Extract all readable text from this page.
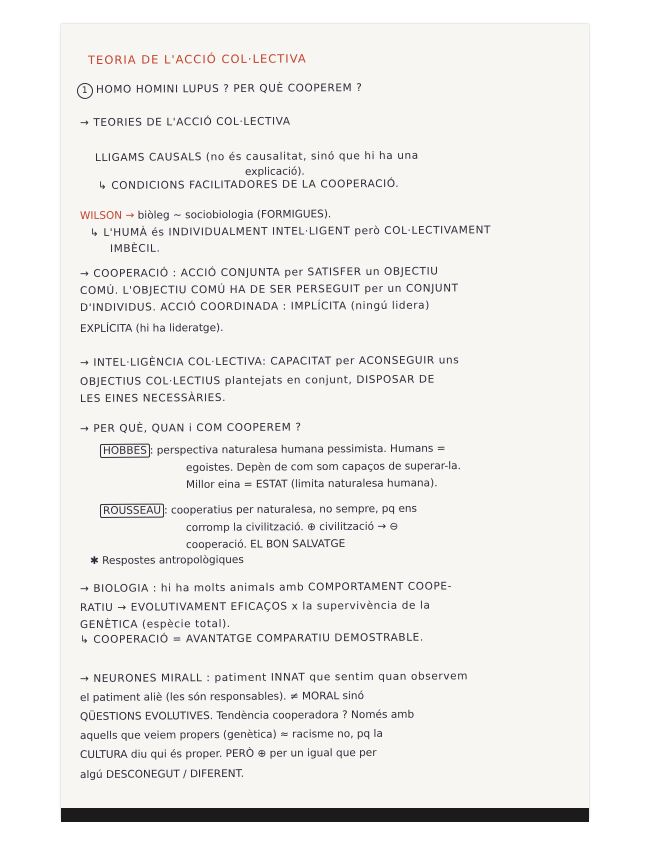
TEORIA DE L'ACCIÓ COL·LECTIVA
1 HOMO HOMINI LUPUS ? PER QUÈ COOPEREM ?
→ TEORIES DE L'ACCIÓ COL·LECTIVA
LLIGAMS CAUSALS (no és causalitat, sinó que hi ha una
explicació).
↳ CONDICIONS FACILITADORES DE LA COOPERACIÓ.
WILSON → biòleg ~ sociobiologia (FORMIGUES).
↳ L'HUMÀ és INDIVIDUALMENT INTEL·LIGENT però COL·LECTIVAMENT
IMBÈCIL.
→ COOPERACIÓ : ACCIÓ CONJUNTA per SATISFER un OBJECTIU
COMÚ. L'OBJECTIU COMÚ HA DE SER PERSEGUIT per un CONJUNT
D'INDIVIDUS. ACCIÓ COORDINADA : IMPLÍCITA (ningú lidera)
EXPLÍCITA (hi ha lideratge).
→ INTEL·LIGÈNCIA COL·LECTIVA: CAPACITAT per ACONSEGUIR uns
OBJECTIUS COL·LECTIUS plantejats en conjunt, DISPOSAR DE
LES EINES NECESSÀRIES.
→ PER QUÈ, QUAN i COM COOPEREM ?
HOBBES : perspectiva naturalesa humana pessimista. Humans =
egoistes. Depèn de com som capaços de superar-la.
Millor eina = ESTAT (limita naturalesa humana).
ROUSSEAU : cooperatius per naturalesa, no sempre, pq ens
corromp la civilització. ⊕ civilització → ⊖
cooperació. EL BON SALVATGE
✱ Respostes antropològiques
→ BIOLOGIA : hi ha molts animals amb COMPORTAMENT COOPE-
RATIU → EVOLUTIVAMENT EFICAÇOS x la supervivència de la
GENÈTICA (espècie total).
↳ COOPERACIÓ = AVANTATGE COMPARATIU DEMOSTRABLE.
→ NEURONES MIRALL : patiment INNAT que sentim quan observem
el patiment aliè (les són responsables). ≠ MORAL sinó
QÜESTIONS EVOLUTIVES. Tendència cooperadora ? Només amb
aquells que veiem propers (genètica) ≈ racisme no, pq la
CULTURA diu qui és proper. PERÒ ⊕ per un igual que per
algú DESCONEGUT / DIFERENT.
